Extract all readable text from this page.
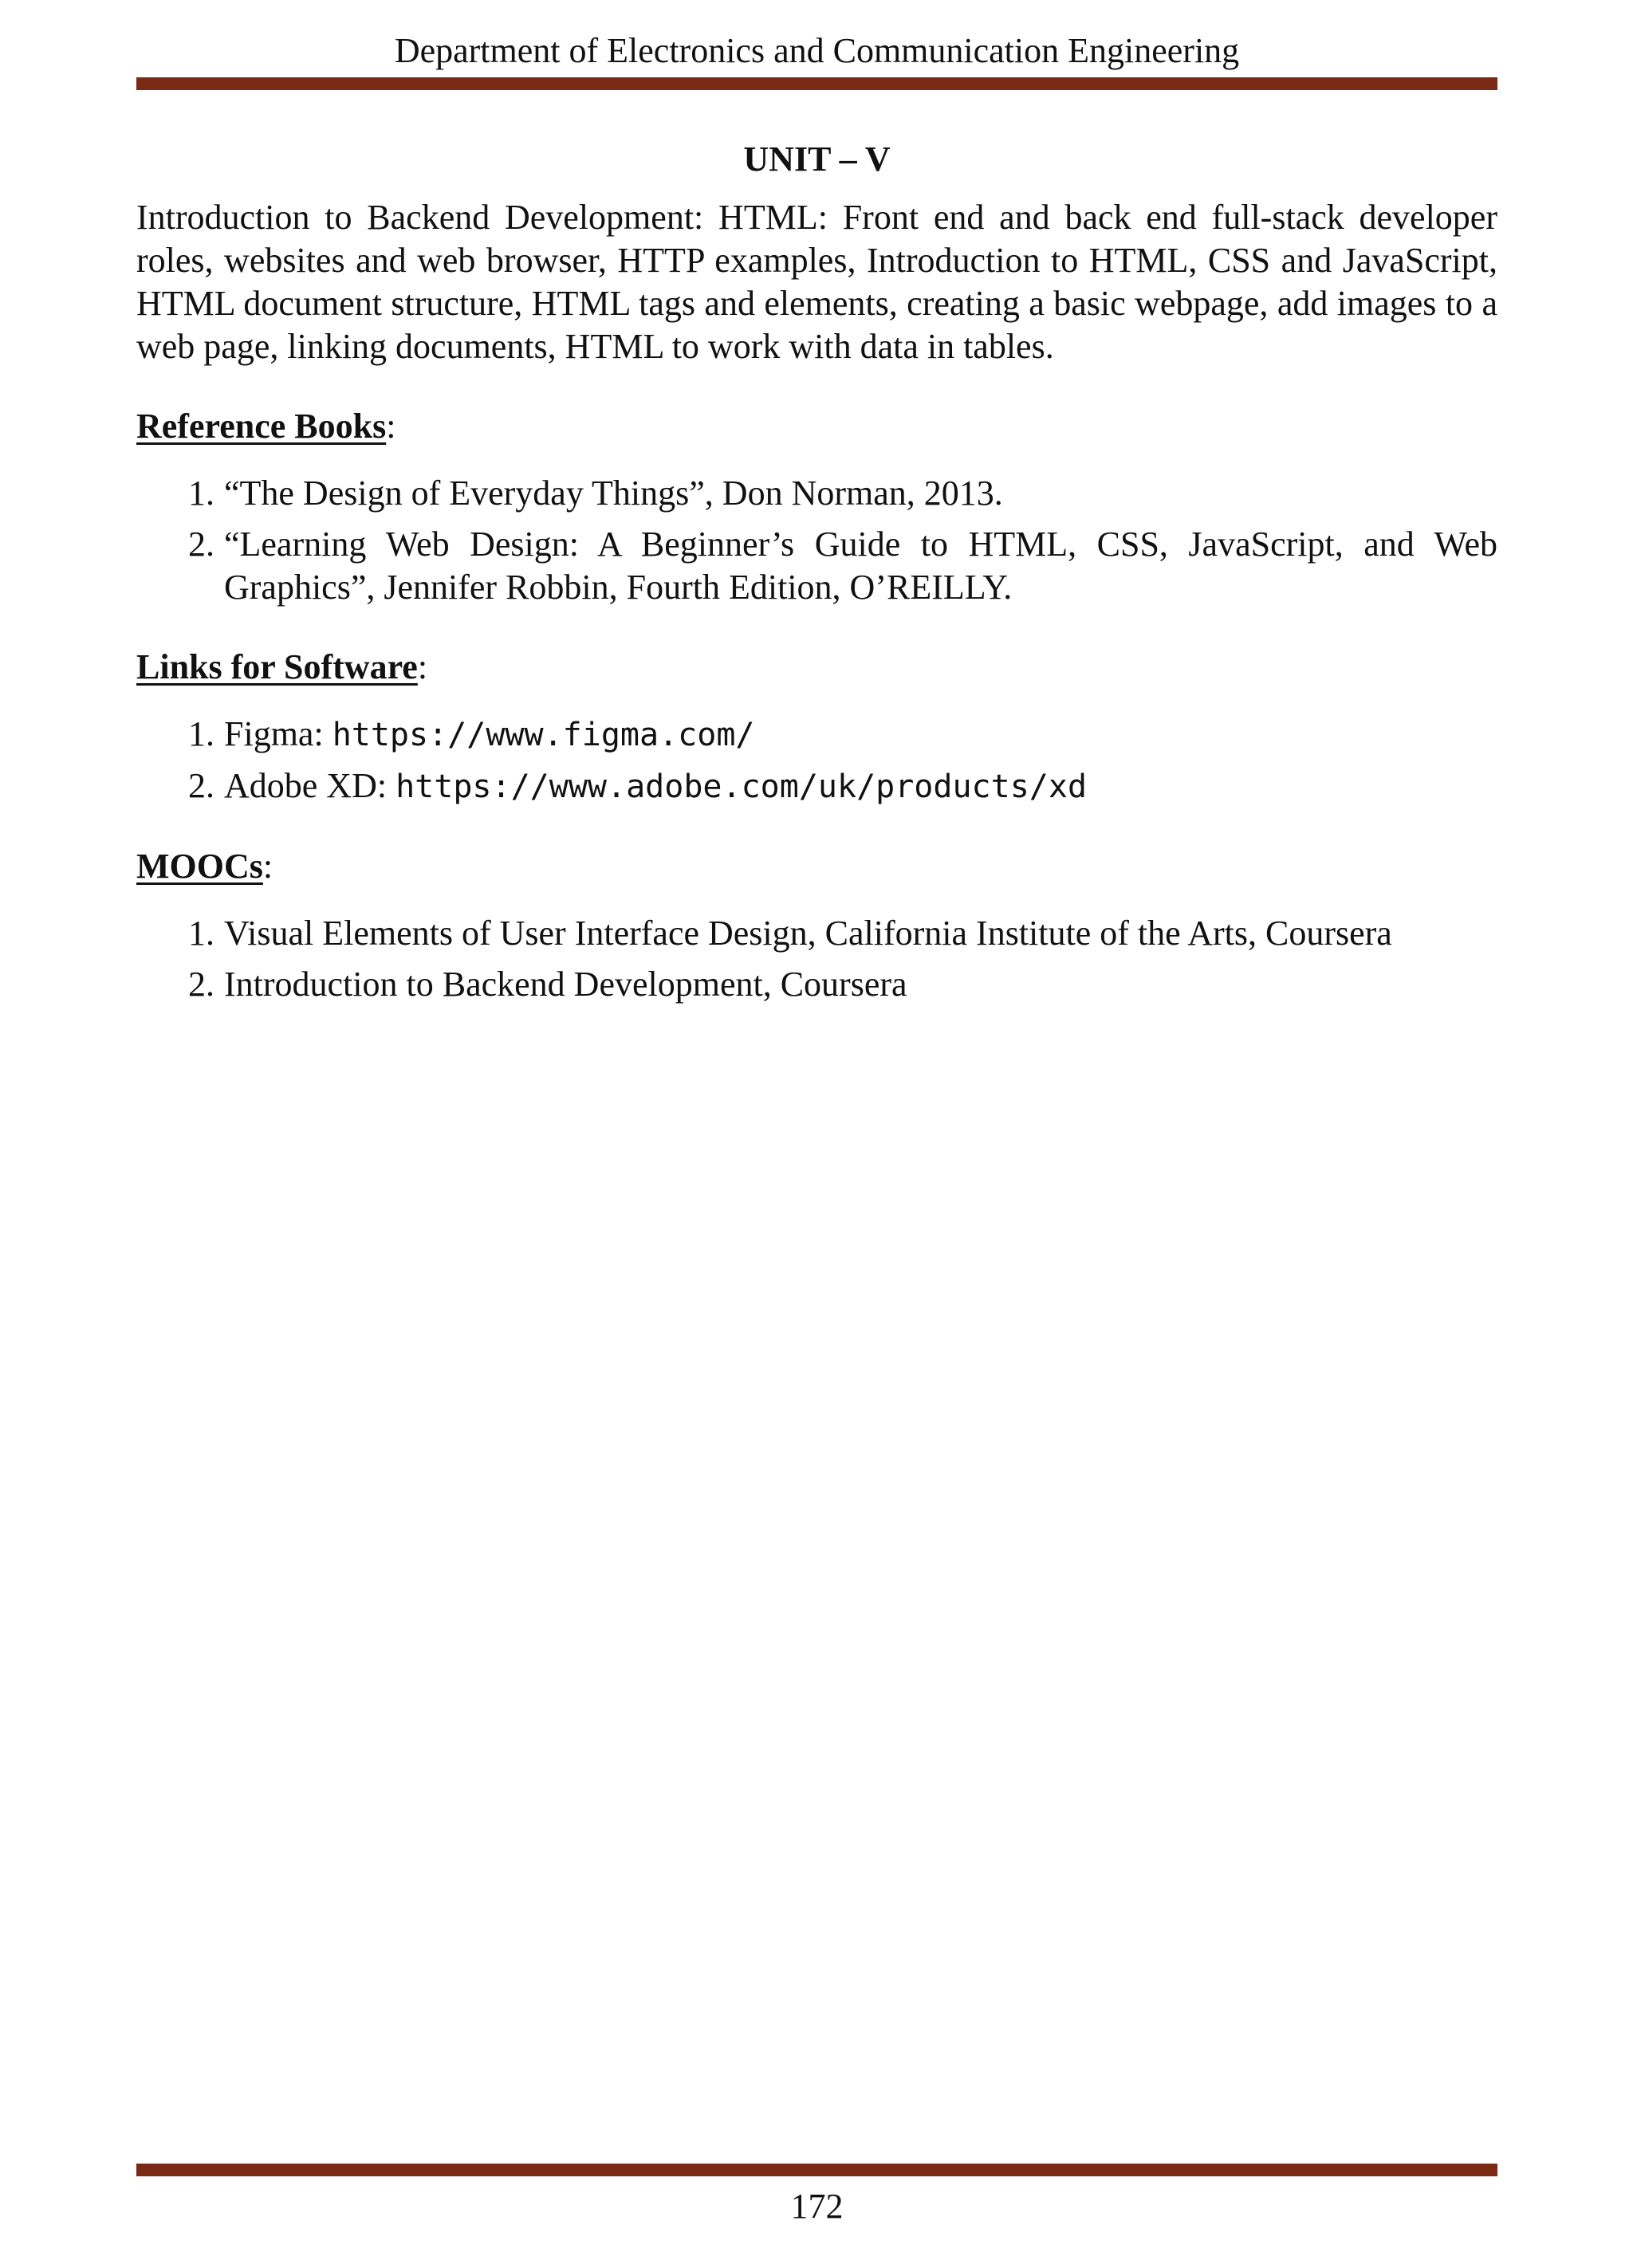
Department of Electronics and Communication Engineering
UNIT – V

Introduction to Backend Development: HTML: Front end and back end full-stack developer roles, websites and web browser, HTTP examples, Introduction to HTML, CSS and JavaScript, HTML document structure, HTML tags and elements, creating a basic webpage, add images to a web page, linking documents, HTML to work with data in tables.

Reference Books:
1. “The Design of Everyday Things”, Don Norman, 2013.
2. “Learning Web Design: A Beginner’s Guide to HTML, CSS, JavaScript, and Web Graphics”, Jennifer Robbin, Fourth Edition, O’REILLY.
Links for Software:
1. Figma: https://www.figma.com/
2. Adobe XD: https://www.adobe.com/uk/products/xd
MOOCs:
1. Visual Elements of User Interface Design, California Institute of the Arts, Coursera
2. Introduction to Backend Development, Coursera
172
